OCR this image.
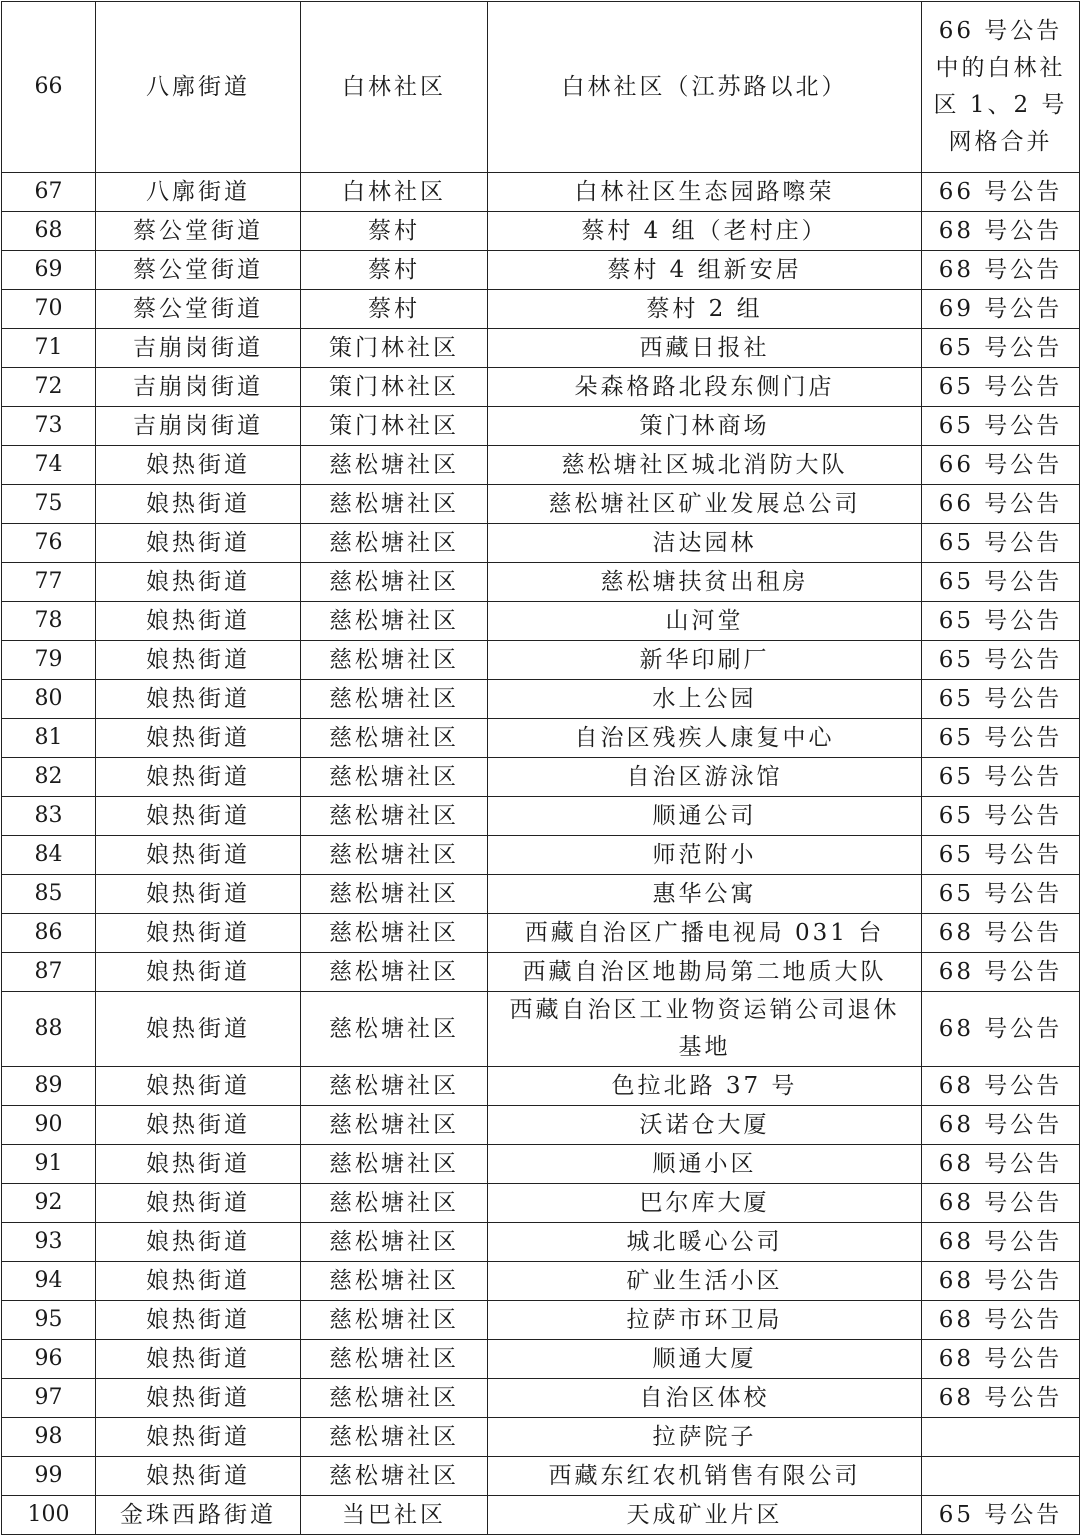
66	八廓街道	白林社区	白林社区（江苏路以北）	66 号公告中的白林社区 1、2 号网格合并
67	八廓街道	白林社区	白林社区生态园路嚓荣	66 号公告
68	蔡公堂街道	蔡村	蔡村 4 组（老村庄）	68 号公告
69	蔡公堂街道	蔡村	蔡村 4 组新安居	68 号公告
70	蔡公堂街道	蔡村	蔡村 2 组	69 号公告
71	吉崩岗街道	策门林社区	西藏日报社	65 号公告
72	吉崩岗街道	策门林社区	朵森格路北段东侧门店	65 号公告
73	吉崩岗街道	策门林社区	策门林商场	65 号公告
74	娘热街道	慈松塘社区	慈松塘社区城北消防大队	66 号公告
75	娘热街道	慈松塘社区	慈松塘社区矿业发展总公司	66 号公告
76	娘热街道	慈松塘社区	洁达园林	65 号公告
77	娘热街道	慈松塘社区	慈松塘扶贫出租房	65 号公告
78	娘热街道	慈松塘社区	山河堂	65 号公告
79	娘热街道	慈松塘社区	新华印刷厂	65 号公告
80	娘热街道	慈松塘社区	水上公园	65 号公告
81	娘热街道	慈松塘社区	自治区残疾人康复中心	65 号公告
82	娘热街道	慈松塘社区	自治区游泳馆	65 号公告
83	娘热街道	慈松塘社区	顺通公司	65 号公告
84	娘热街道	慈松塘社区	师范附小	65 号公告
85	娘热街道	慈松塘社区	惠华公寓	65 号公告
86	娘热街道	慈松塘社区	西藏自治区广播电视局 031 台	68 号公告
87	娘热街道	慈松塘社区	西藏自治区地勘局第二地质大队	68 号公告
88	娘热街道	慈松塘社区	西藏自治区工业物资运销公司退休基地	68 号公告
89	娘热街道	慈松塘社区	色拉北路 37 号	68 号公告
90	娘热街道	慈松塘社区	沃诺仓大厦	68 号公告
91	娘热街道	慈松塘社区	顺通小区	68 号公告
92	娘热街道	慈松塘社区	巴尔库大厦	68 号公告
93	娘热街道	慈松塘社区	城北暖心公司	68 号公告
94	娘热街道	慈松塘社区	矿业生活小区	68 号公告
95	娘热街道	慈松塘社区	拉萨市环卫局	68 号公告
96	娘热街道	慈松塘社区	顺通大厦	68 号公告
97	娘热街道	慈松塘社区	自治区体校	68 号公告
98	娘热街道	慈松塘社区	拉萨院子	
99	娘热街道	慈松塘社区	西藏东红农机销售有限公司	
100	金珠西路街道	当巴社区	天成矿业片区	65 号公告
